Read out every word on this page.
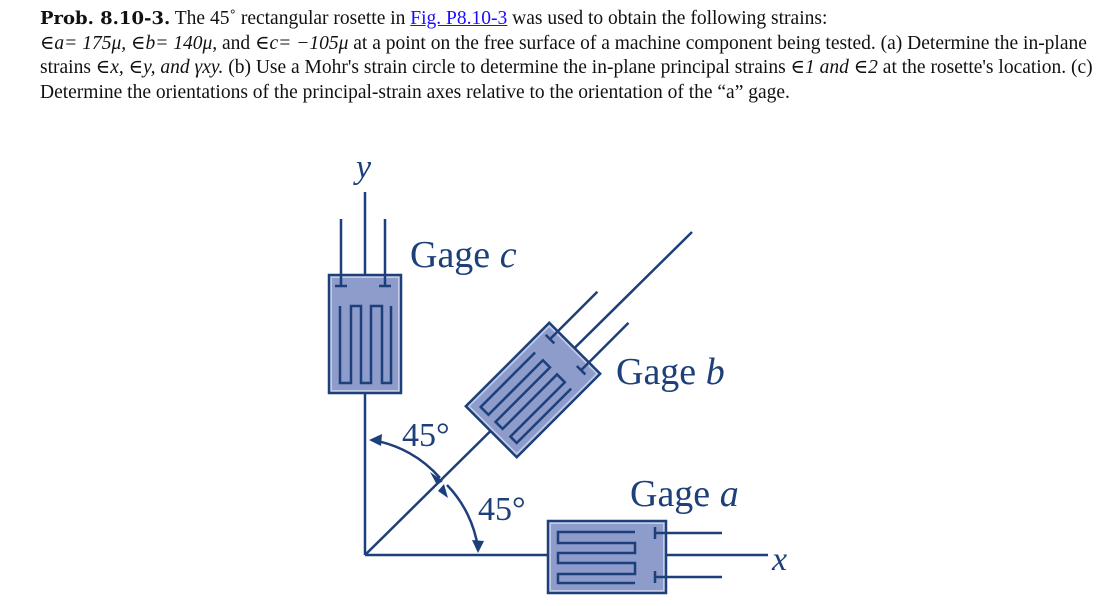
Prob. 8.10-3. The 45˚ rectangular rosette in Fig. P8.10-3 was used to obtain the following strains:
∈a= 175μ, ∈b= 140μ, and ∈c= −105μ at a point on the free surface of a machine component being tested. (a) Determine the in-plane strains ∈x, ∈y, and γxy. (b) Use a Mohr's strain circle to determine the in-plane principal strains ∈1 and ∈2 at the rosette's location. (c) Determine the orientations of the principal-strain axes relative to the orientation of the “a” gage.
y
x
Gage c
Gage b
Gage a
45°
45°
